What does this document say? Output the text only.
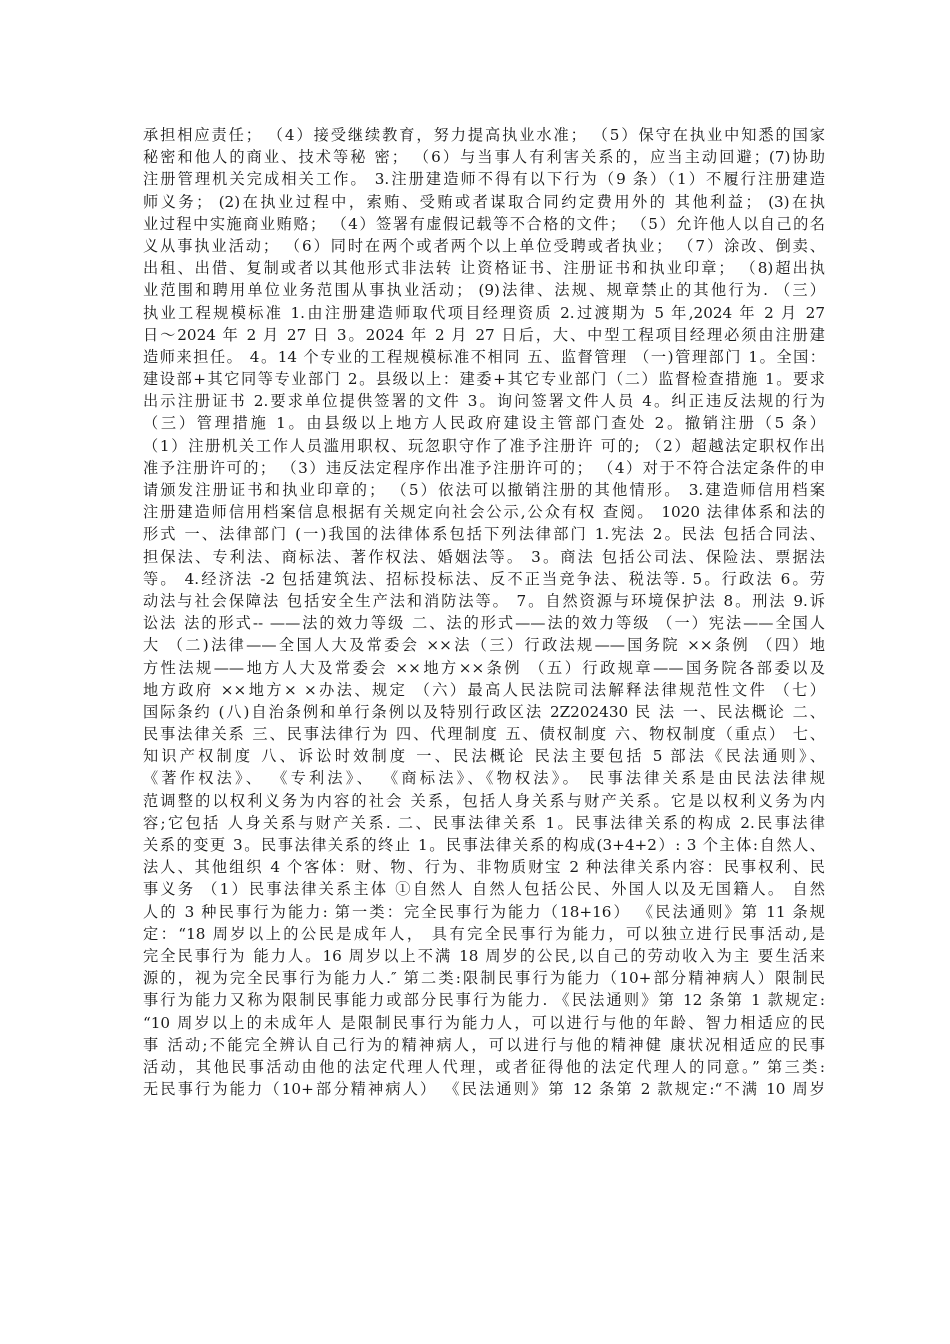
承担相应责任； （4）接受继续教育，努力提高执业水准； （5）保守在执业中知悉的国家
秘密和他人的商业、技术等秘 密； （6）与当事人有利害关系的，应当主动回避；(7)协助
注册管理机关完成相关工作。 3.注册建造师不得有以下行为（9 条）（1）不履行注册建造
师义务； (2)在执业过程中，索贿、受贿或者谋取合同约定费用外的 其他利益； (3)在执
业过程中实施商业贿赂； （4）签署有虚假记载等不合格的文件； （5）允许他人以自己的名
义从事执业活动； （6）同时在两个或者两个以上单位受聘或者执业； （7）涂改、倒卖、
出租、出借、复制或者以其他形式非法转 让资格证书、注册证书和执业印章； （8)超出执
业范围和聘用单位业务范围从事执业活动； (9)法律、法规、规章禁止的其他行为. （三）
执业工程规模标准 1.由注册建造师取代项目经理资质 2.过渡期为 5 年,2024 年 2 月 27
日～2024 年 2 月 27 日 3。2024 年 2 月 27 日后，大、中型工程项目经理必须由注册建
造师来担任。 4。14 个专业的工程规模标准不相同 五、监督管理 （一)管理部门 1。全国：
建设部+其它同等专业部门 2。县级以上：建委+其它专业部门（二）监督检查措施 1。要求
出示注册证书 2.要求单位提供签署的文件 3。询问签署文件人员 4。纠正违反法规的行为
（三）管理措施 1。由县级以上地方人民政府建设主管部门查处 2。撤销注册（5 条）
（1）注册机关工作人员滥用职权、玩忽职守作了准予注册许 可的; （2）超越法定职权作出
准予注册许可的； （3）违反法定程序作出准予注册许可的； （4）对于不符合法定条件的申
请颁发注册证书和执业印章的； （5）依法可以撤销注册的其他情形。 3.建造师信用档案
注册建造师信用档案信息根据有关规定向社会公示,公众有权 查阅。 1020 法律体系和法的
形式 一、法律部门 (一)我国的法律体系包括下列法律部门 1.宪法 2。民法 包括合同法、
担保法、专利法、商标法、著作权法、婚姻法等。 3。商法 包括公司法、保险法、票据法
等。 4.经济法 -2 包括建筑法、招标投标法、反不正当竞争法、税法等. 5。行政法 6。劳
动法与社会保障法 包括安全生产法和消防法等。 7。自然资源与环境保护法 8。刑法 9.诉
讼法 法的形式-- ——法的效力等级 二、法的形式——法的效力等级 （一）宪法——全国人
大 （二)法律——全国人大及常委会 ××法（三）行政法规——国务院 ××条例 （四）地
方性法规——地方人大及常委会 ××地方××条例 （五）行政规章——国务院各部委以及
地方政府 ××地方× ×办法、规定 （六）最高人民法院司法解释法律规范性文件 （七）
国际条约 (八)自治条例和单行条例以及特别行政区法 2Z202430 民 法 一、民法概论 二、
民事法律关系 三、民事法律行为 四、代理制度 五、债权制度 六、物权制度（重点） 七、
知识产权制度 八、诉讼时效制度 一、民法概论 民法主要包括 5 部法《民法通则》、
《著作权法》、 《专利法》、 《商标法》、《物权法》。 民事法律关系是由民法法律规
范调整的以权利义务为内容的社会 关系，包括人身关系与财产关系。它是以权利义务为内
容;它包括 人身关系与财产关系. 二、民事法律关系 1。民事法律关系的构成 2.民事法律
关系的变更 3。民事法律关系的终止 1。民事法律关系的构成(3+4+2）: 3 个主体:自然人、
法人、其他组织 4 个客体：财、物、行为、非物质财宝 2 种法律关系内容：民事权利、民
事义务 （1）民事法律关系主体 ①自然人 自然人包括公民、外国人以及无国籍人。 自然
人的 3 种民事行为能力: 第一类：完全民事行为能力（18+16） 《民法通则》第 11 条规
定：“18 周岁以上的公民是成年人， 具有完全民事行为能力，可以独立进行民事活动,是
完全民事行为 能力人。16 周岁以上不满 18 周岁的公民,以自己的劳动收入为主 要生活来
源的，视为完全民事行为能力人.″ 第二类:限制民事行为能力（10+部分精神病人）限制民
事行为能力又称为限制民事能力或部分民事行为能力. 《民法通则》第 12 条第 1 款规定:
“10 周岁以上的未成年人 是限制民事行为能力人，可以进行与他的年龄、智力相适应的民
事 活动;不能完全辨认自己行为的精神病人，可以进行与他的精神健 康状况相适应的民事
活动，其他民事活动由他的法定代理人代理，或者征得他的法定代理人的同意。” 第三类:
无民事行为能力（10+部分精神病人） 《民法通则》第 12 条第 2 款规定:“不满 10 周岁
